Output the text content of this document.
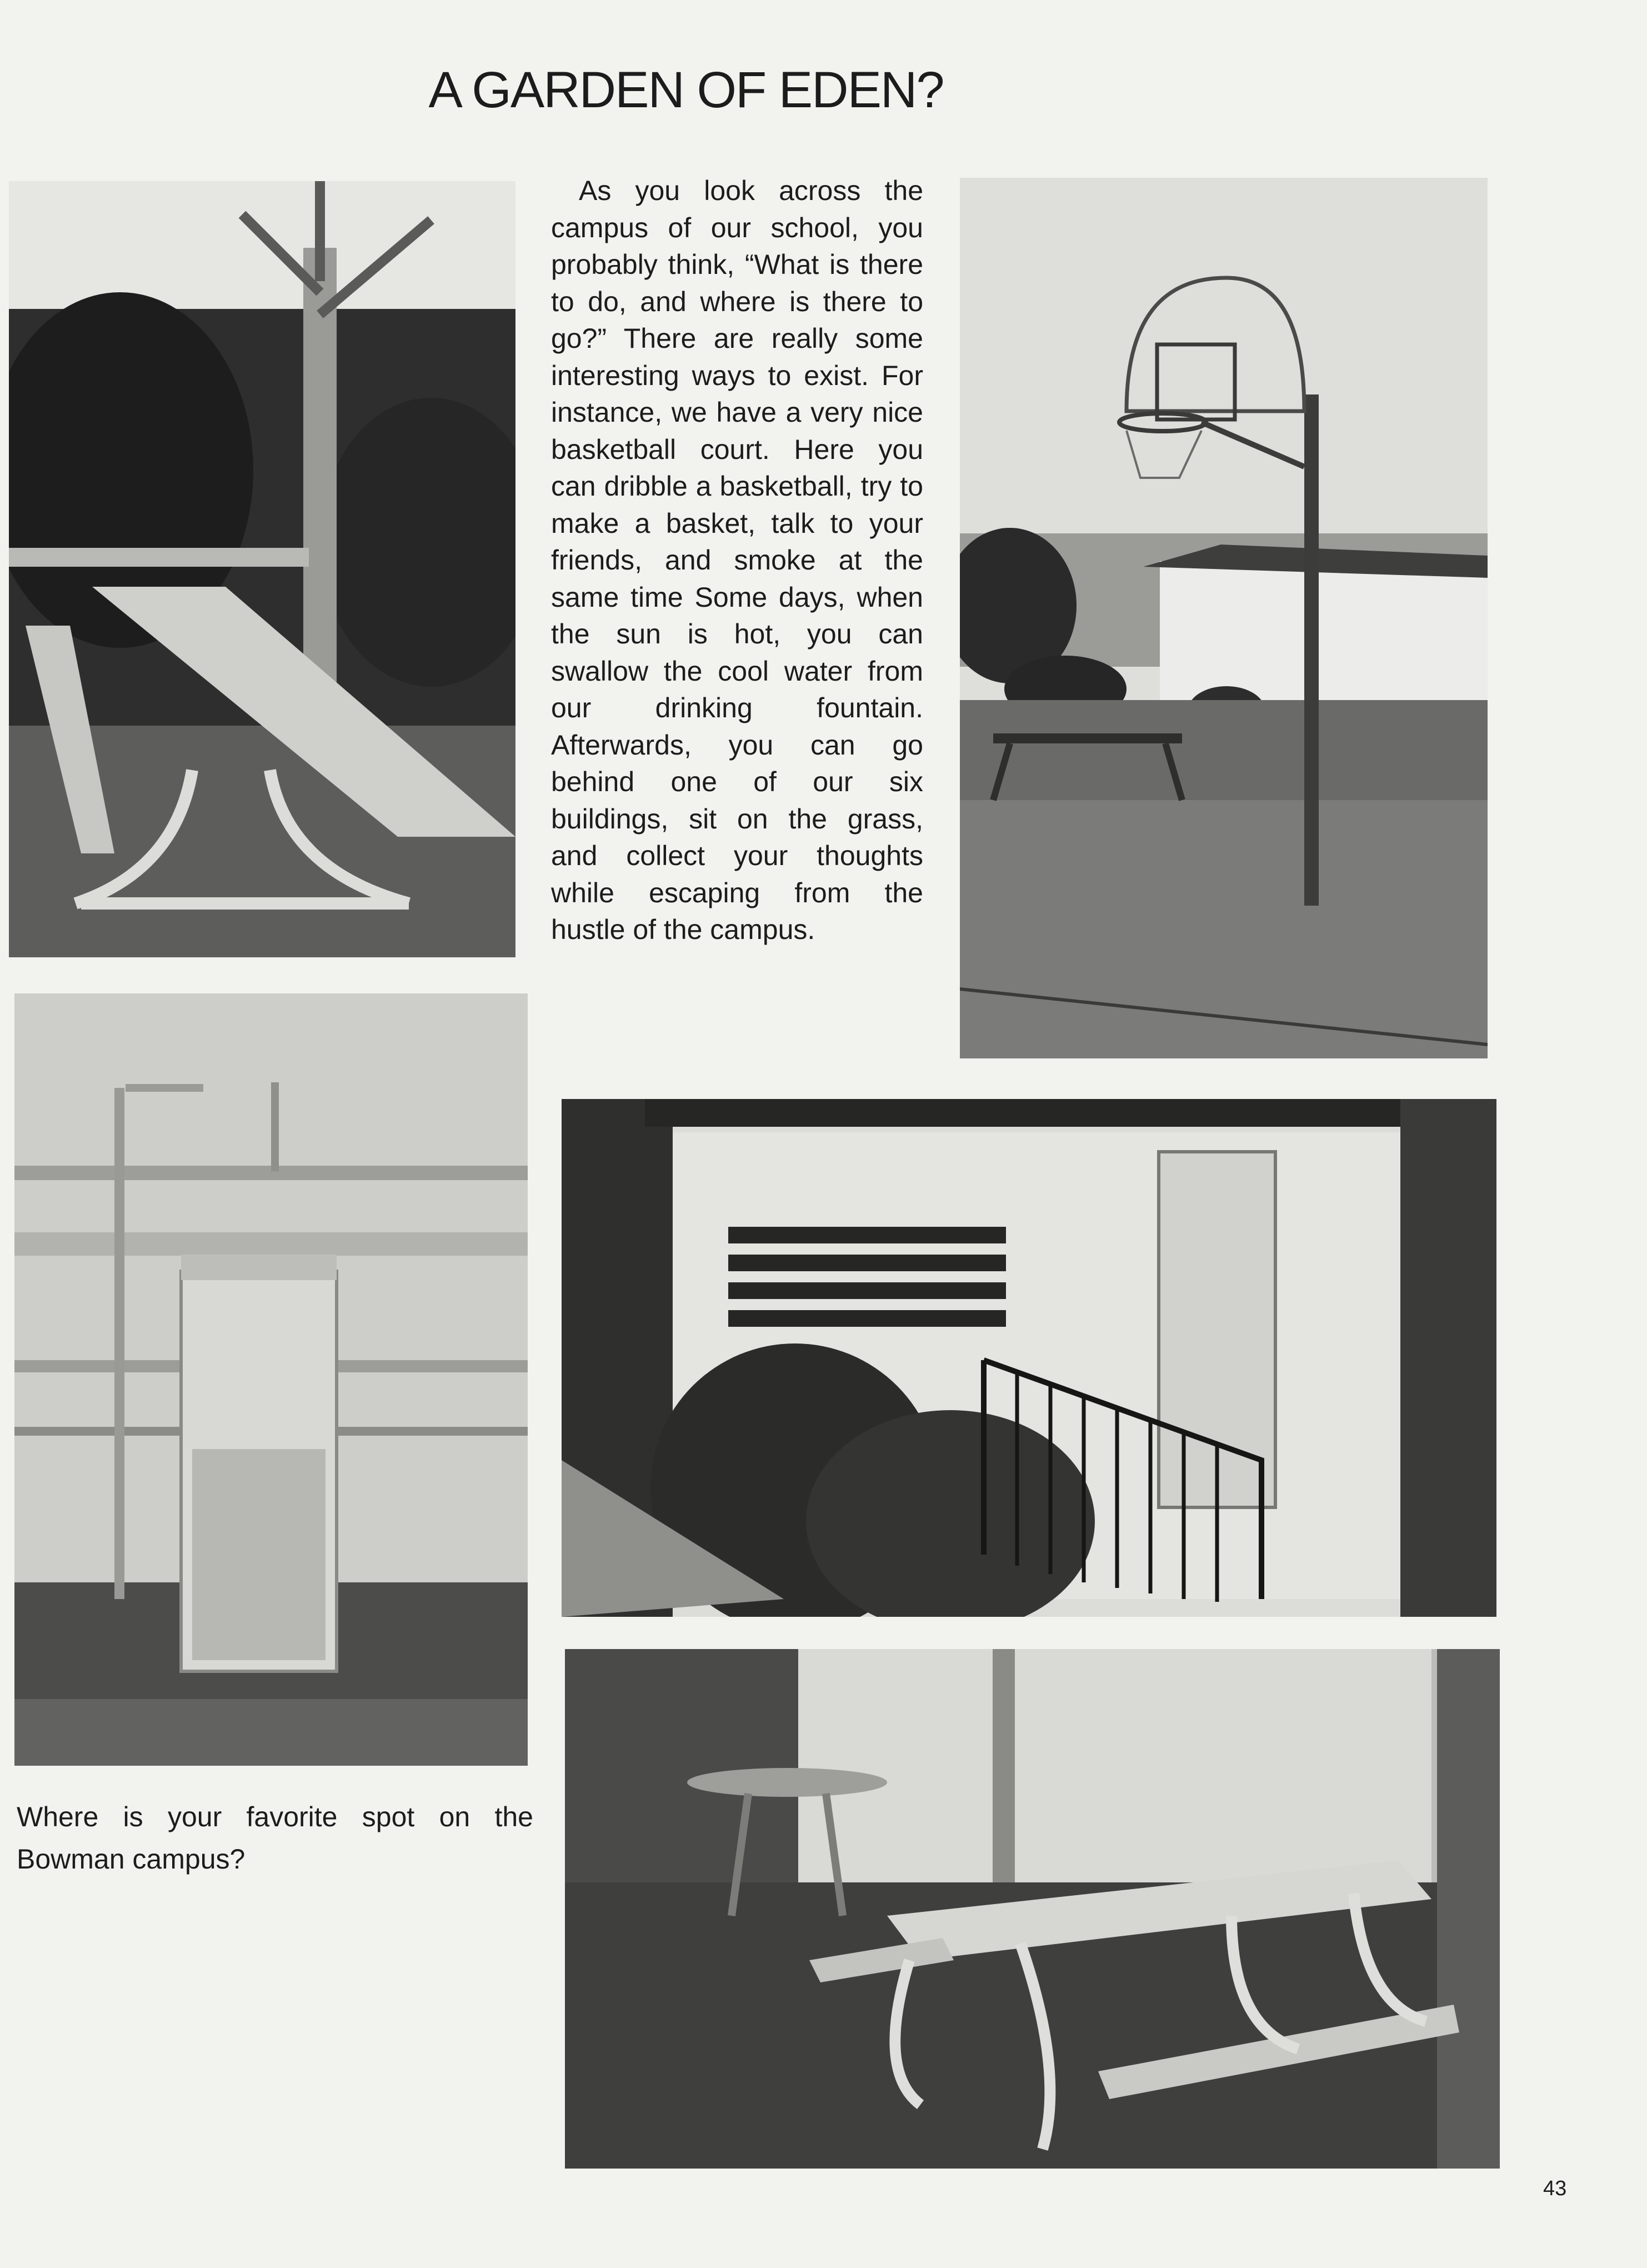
A GARDEN OF EDEN?

As you look across the campus of our school, you probably think, “What is there to do, and where is there to go?” There are really some interesting ways to exist. For instance, we have a very nice basketball court. Here you can dribble a basketball, try to make a basket, talk to your friends, and smoke at the same time Some days, when the sun is hot, you can swallow the cool water from our drinking fountain. Afterwards, you can go behind one of our six buildings, sit on the grass, and collect your thoughts while escaping from the hustle of the campus.

Where is your favorite spot on the Bowman campus?

43
